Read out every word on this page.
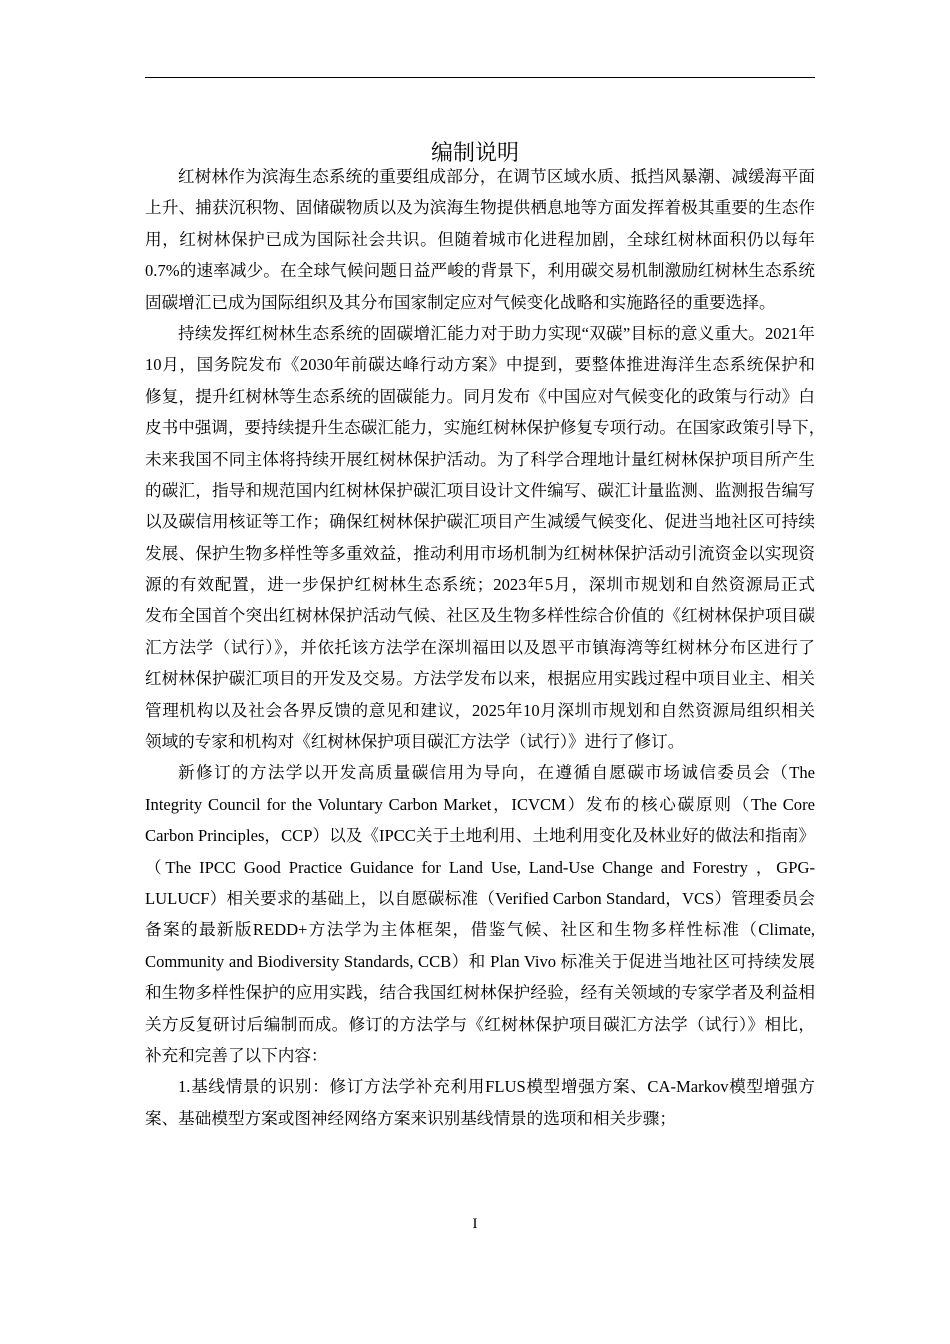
编制说明
红树林作为滨海生态系统的重要组成部分，在调节区域水质、抵挡风暴潮、减缓海平面
上升、捕获沉积物、固储碳物质以及为滨海生物提供栖息地等方面发挥着极其重要的生态作
用，红树林保护已成为国际社会共识。但随着城市化进程加剧，全球红树林面积仍以每年
0.7%的速率减少。在全球气候问题日益严峻的背景下，利用碳交易机制激励红树林生态系统
固碳增汇已成为国际组织及其分布国家制定应对气候变化战略和实施路径的重要选择。
持续发挥红树林生态系统的固碳增汇能力对于助力实现“双碳”目标的意义重大。2021年
10月，国务院发布《2030年前碳达峰行动方案》中提到，要整体推进海洋生态系统保护和
修复，提升红树林等生态系统的固碳能力。同月发布《中国应对气候变化的政策与行动》白
皮书中强调，要持续提升生态碳汇能力，实施红树林保护修复专项行动。在国家政策引导下，
未来我国不同主体将持续开展红树林保护活动。为了科学合理地计量红树林保护项目所产生
的碳汇，指导和规范国内红树林保护碳汇项目设计文件编写、碳汇计量监测、监测报告编写
以及碳信用核证等工作；确保红树林保护碳汇项目产生减缓气候变化、促进当地社区可持续
发展、保护生物多样性等多重效益，推动利用市场机制为红树林保护活动引流资金以实现资
源的有效配置，进一步保护红树林生态系统；2023年5月，深圳市规划和自然资源局正式
发布全国首个突出红树林保护活动气候、社区及生物多样性综合价值的《红树林保护项目碳
汇方法学（试行）》，并依托该方法学在深圳福田以及恩平市镇海湾等红树林分布区进行了
红树林保护碳汇项目的开发及交易。方法学发布以来，根据应用实践过程中项目业主、相关
管理机构以及社会各界反馈的意见和建议，2025年10月深圳市规划和自然资源局组织相关
领域的专家和机构对《红树林保护项目碳汇方法学（试行）》进行了修订。
新修订的方法学以开发高质量碳信用为导向，在遵循自愿碳市场诚信委员会（The
Integrity Council for the Voluntary Carbon Market，ICVCM）发布的核心碳原则（The Core
Carbon Principles，CCP）以及《IPCC关于土地利用、土地利用变化及林业好的做法和指南》
（The IPCC Good Practice Guidance for Land Use, Land-Use Change and Forestry ，GPG-
LULUCF）相关要求的基础上，以自愿碳标准（Verified Carbon Standard，VCS）管理委员会
备案的最新版REDD+方法学为主体框架，借鉴气候、社区和生物多样性标准（Climate,
Community and Biodiversity Standards, CCB）和 Plan Vivo 标准关于促进当地社区可持续发展
和生物多样性保护的应用实践，结合我国红树林保护经验，经有关领域的专家学者及利益相
关方反复研讨后编制而成。修订的方法学与《红树林保护项目碳汇方法学（试行）》相比，
补充和完善了以下内容：
1.基线情景的识别：修订方法学补充利用FLUS模型增强方案、CA-Markov模型增强方
案、基础模型方案或图神经网络方案来识别基线情景的选项和相关步骤；
I
